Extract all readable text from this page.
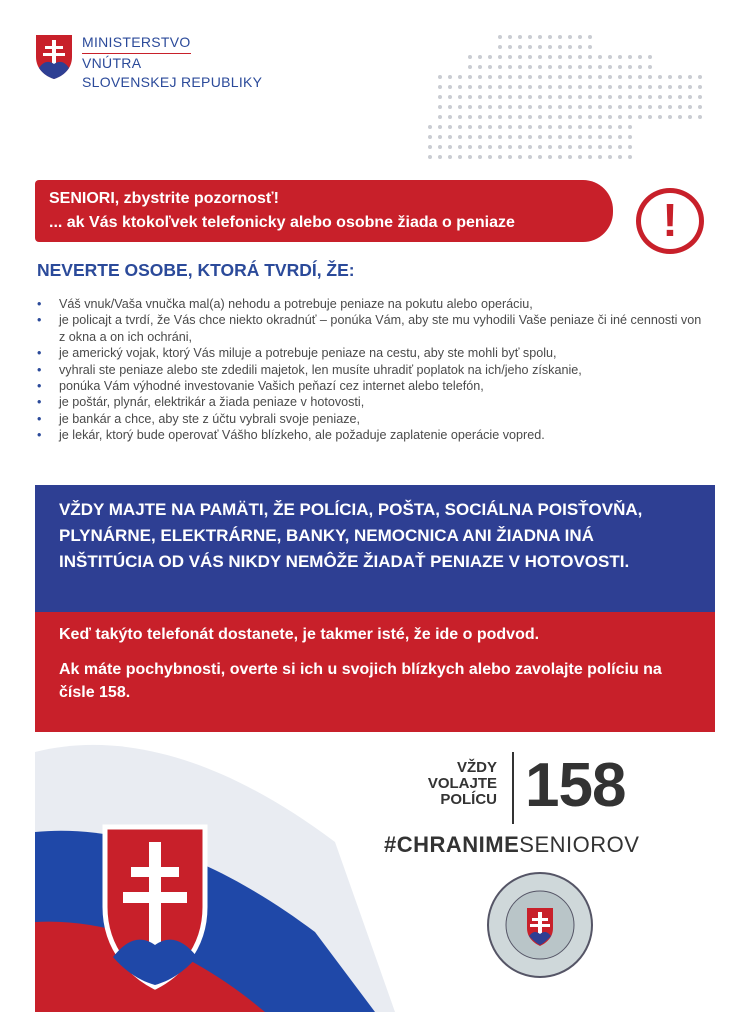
MINISTERSTVO
VNÚTRA
SLOVENSKEJ REPUBLIKY
SENIORI, zbystrite pozornosť!
... ak Vás ktokoľvek telefonicky alebo osobne žiada o peniaze	!
NEVERTE OSOBE, KTORÁ TVRDÍ, ŽE:
• Váš vnuk/Vaša vnučka mal(a) nehodu a potrebuje peniaze na pokutu alebo operáciu,
• je policajt a tvrdí, že Vás chce niekto okradnúť – ponúka Vám, aby ste mu vyhodili Vaše peniaze či iné cennosti von z okna a on ich ochráni,
• je americký vojak, ktorý Vás miluje a potrebuje peniaze na cestu, aby ste mohli byť spolu,
• vyhrali ste peniaze alebo ste zdedili majetok, len musíte uhradiť poplatok na ich/jeho získanie,
• ponúka Vám výhodné investovanie Vašich peňazí cez internet alebo telefón,
• je poštár, plynár, elektrikár a žiada peniaze v hotovosti,
• je bankár a chce, aby ste z účtu vybrali svoje peniaze,
• je lekár, ktorý bude operovať Vášho blízkeho, ale požaduje zaplatenie operácie vopred.
VŽDY MAJTE NA PAMÄTI, ŽE POLÍCIA, POŠTA, SOCIÁLNA POISŤOVŇA, PLYNÁRNE, ELEKTRÁRNE, BANKY, NEMOCNICA ANI ŽIADNA INÁ INŠTITÚCIA OD VÁS NIKDY NEMÔŽE ŽIADAŤ PENIAZE V HOTOVOSTI.

Keď takýto telefonát dostanete, je takmer isté, že ide o podvod.

Ak máte pochybnosti, overte si ich u svojich blízkych alebo zavolajte políciu na čísle 158.

VŽDY
VOLAJTE
POLÍCU 158
#CHRANIMESENIOROV
